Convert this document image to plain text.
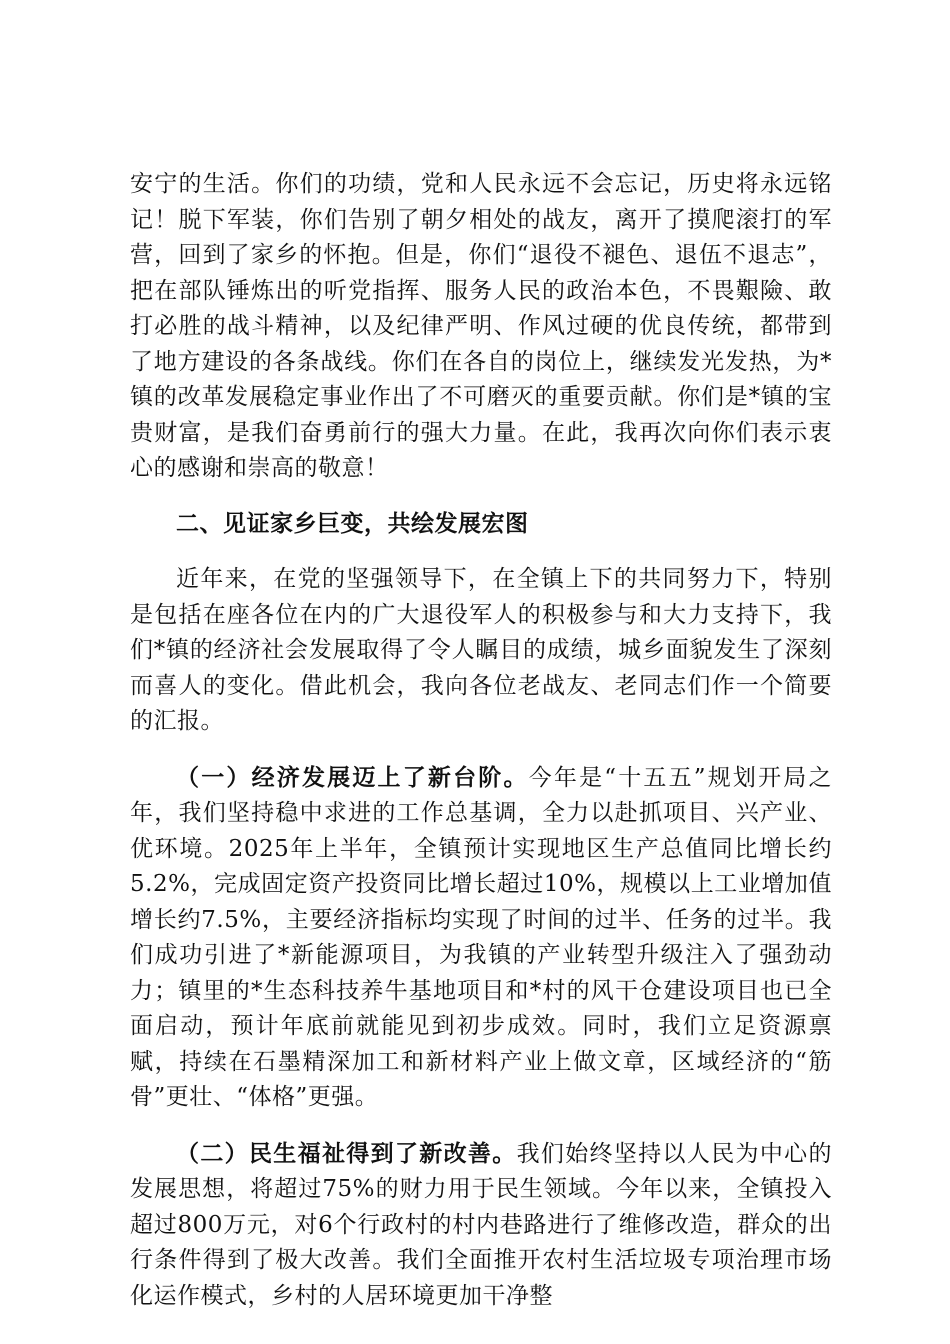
安宁的生活。你们的功绩，党和人民永远不会忘记，历史将永远铭记！脱下军装，你们告别了朝夕相处的战友，离开了摸爬滚打的军营，回到了家乡的怀抱。但是，你们“退役不褪色、退伍不退志”，把在部队锤炼出的听党指挥、服务人民的政治本色，不畏艱險、敢打必胜的战斗精神，以及纪律严明、作风过硬的优良传统，都带到了地方建设的各条战线。你们在各自的岗位上，继续发光发热，为*镇的改革发展稳定事业作出了不可磨灭的重要贡献。你们是*镇的宝贵财富，是我们奋勇前行的强大力量。在此，我再次向你们表示衷心的感谢和崇高的敬意！

二、见证家乡巨变，共绘发展宏图

近年来，在党的坚强领导下，在全镇上下的共同努力下，特别是包括在座各位在内的广大退役军人的积极参与和大力支持下，我们*镇的经济社会发展取得了令人瞩目的成绩，城乡面貌发生了深刻而喜人的变化。借此机会，我向各位老战友、老同志们作一个简要的汇报。

（一）经济发展迈上了新台阶。今年是“十五五”规划开局之年，我们坚持稳中求进的工作总基调，全力以赴抓项目、兴产业、优环境。2025年上半年，全镇预计实现地区生产总值同比增长约5.2%，完成固定资产投资同比增长超过10%，规模以上工业增加值增长约7.5%，主要经济指标均实现了时间的过半、任务的过半。我们成功引进了*新能源项目，为我镇的产业转型升级注入了强劲动力；镇里的*生态科技养牛基地项目和*村的风干仓建设项目也已全面启动，预计年底前就能见到初步成效。同时，我们立足资源禀赋，持续在石墨精深加工和新材料产业上做文章，区域经济的“筋骨”更壮、“体格”更强。

（二）民生福祉得到了新改善。我们始终坚持以人民为中心的发展思想，将超过75%的财力用于民生领域。今年以来，全镇投入超过800万元，对6个行政村的村内巷路进行了维修改造，群众的出行条件得到了极大改善。我们全面推开农村生活垃圾专项治理市场化运作模式，乡村的人居环境更加干净整
